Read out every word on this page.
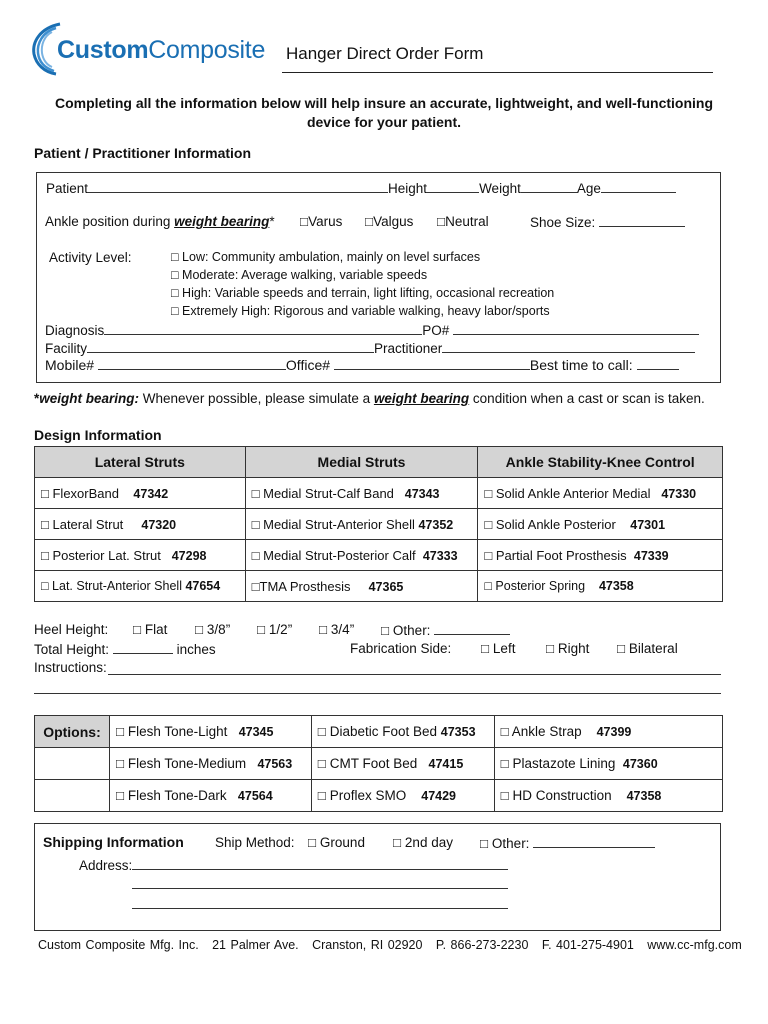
CustomComposite Hanger Direct Order Form
Completing all the information below will help insure an accurate, lightweight, and well-functioning device for your patient.
Patient / Practitioner Information
Patient	Height	Weight	Age
Ankle position during weight bearing* □Varus □Valgus □Neutral	Shoe Size:
Activity Level:	□ Low: Community ambulation, mainly on level surfaces
□ Moderate: Average walking, variable speeds
□ High: Variable speeds and terrain, light lifting, occasional recreation
□ Extremely High: Rigorous and variable walking, heavy labor/sports
Diagnosis	PO#
Facility	Practitioner
Mobile#	Office#	Best time to call:
*weight bearing: Whenever possible, please simulate a weight bearing condition when a cast or scan is taken.
Design Information
Lateral Struts	Medial Struts	Ankle Stability-Knee Control
□ FlexorBand 47342	□ Medial Strut-Calf Band 47343	□ Solid Ankle Anterior Medial 47330
□ Lateral Strut 47320	□ Medial Strut-Anterior Shell 47352	□ Solid Ankle Posterior 47301
□ Posterior Lat. Strut 47298	□ Medial Strut-Posterior Calf 47333	□ Partial Foot Prosthesis 47339
□ Lat. Strut-Anterior Shell 47654	□TMA Prosthesis 47365	□ Posterior Spring 47358
Heel Height: □ Flat □ 3/8” □ 1/2” □ 3/4” □ Other:
Total Height:	inches	Fabrication Side: □ Left □ Right □ Bilateral
Instructions:
Options:	□ Flesh Tone-Light 47345	□ Diabetic Foot Bed 47353	□ Ankle Strap 47399
	□ Flesh Tone-Medium 47563	□ CMT Foot Bed 47415	□ Plastazote Lining 47360
	□ Flesh Tone-Dark 47564	□ Proflex SMO 47429	□ HD Construction 47358
Shipping Information Ship Method: □ Ground □ 2nd day □ Other:
Address:
Custom Composite Mfg. Inc.   21 Palmer Ave.   Cranston, RI 02920   P. 866-273-2230   F. 401-275-4901   www.cc-mfg.com
